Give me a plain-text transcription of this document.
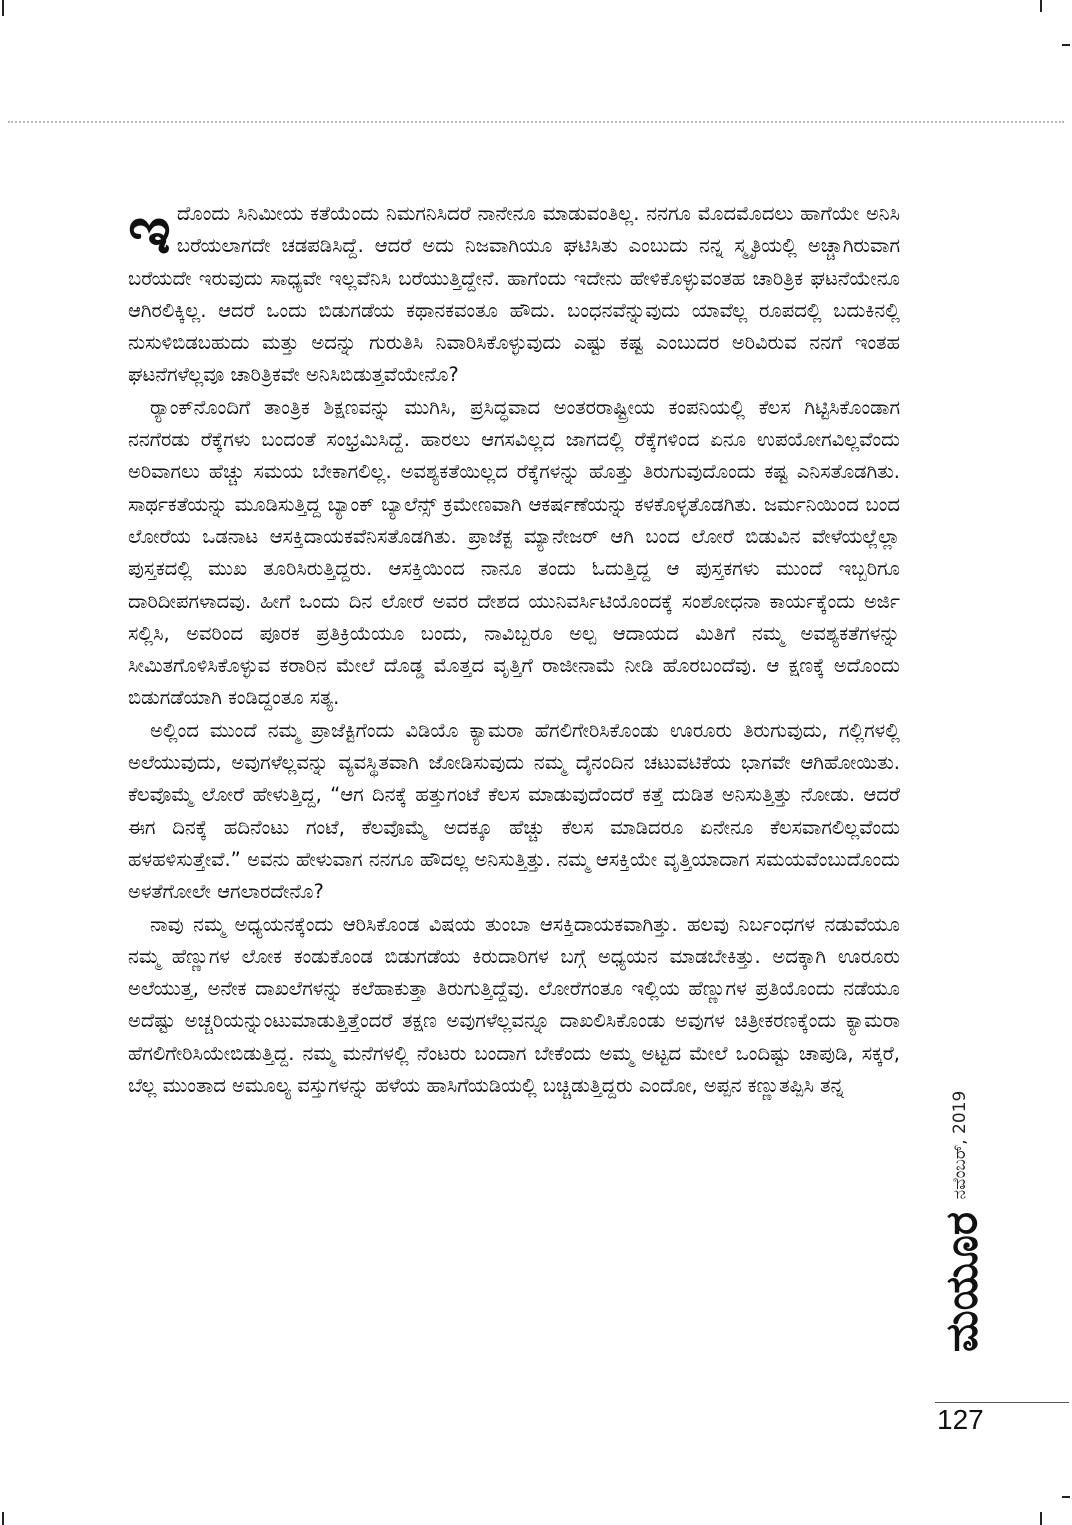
ಇದೊಂದು ಸಿನಿಮೀಯ ಕತೆಯೆಂದು ನಿಮಗನಿಸಿದರೆ ನಾನೇನೂ ಮಾಡುವಂತಿಲ್ಲ. ನನಗೂ ಮೊದಮೊದಲು ಹಾಗೆಯೇ ಅನಿಸಿ ಬರೆಯಲಾಗದೇ ಚಡಪಡಿಸಿದ್ದೆ. ಆದರೆ ಅದು ನಿಜವಾಗಿಯೂ ಘಟಿಸಿತು ಎಂಬುದು ನನ್ನ ಸ್ಮೃತಿಯಲ್ಲಿ ಅಚ್ಚಾಗಿರುವಾಗ ಬರೆಯದೇ ಇರುವುದು ಸಾಧ್ಯವೇ ಇಲ್ಲವೆನಿಸಿ ಬರೆಯುತ್ತಿದ್ದೇನೆ. ಹಾಗೆಂದು ಇದೇನು ಹೇಳಿಕೊಳ್ಳುವಂತಹ ಚಾರಿತ್ರಿಕ ಘಟನೆಯೇನೂ ಆಗಿರಲಿಕ್ಕಿಲ್ಲ. ಆದರೆ ಒಂದು ಬಿಡುಗಡೆಯ ಕಥಾನಕವಂತೂ ಹೌದು. ಬಂಧನವೆನ್ನುವುದು ಯಾವೆಲ್ಲ ರೂಪದಲ್ಲಿ ಬದುಕಿನಲ್ಲಿ ನುಸುಳಿಬಿಡಬಹುದು ಮತ್ತು ಅದನ್ನು ಗುರುತಿಸಿ ನಿವಾರಿಸಿಕೊಳ್ಳುವುದು ಎಷ್ಟು ಕಷ್ಟ ಎಂಬುದರ ಅರಿವಿರುವ ನನಗೆ ಇಂತಹ ಘಟನೆಗಳೆಲ್ಲವೂ ಚಾರಿತ್ರಿಕವೇ ಅನಿಸಿಬಿಡುತ್ತವೆಯೇನೊ?

ರ್‍ಯಾಂಕ್‌ನೊಂದಿಗೆ ತಾಂತ್ರಿಕ ಶಿಕ್ಷಣವನ್ನು ಮುಗಿಸಿ, ಪ್ರಸಿದ್ಧವಾದ ಅಂತರರಾಷ್ಟ್ರೀಯ ಕಂಪನಿಯಲ್ಲಿ ಕೆಲಸ ಗಿಟ್ಟಿಸಿಕೊಂಡಾಗ ನನಗೆರಡು ರೆಕ್ಕೆಗಳು ಬಂದಂತೆ ಸಂಭ್ರಮಿಸಿದ್ದೆ. ಹಾರಲು ಆಗಸವಿಲ್ಲದ ಜಾಗದಲ್ಲಿ ರೆಕ್ಕೆಗಳಿಂದ ಏನೂ ಉಪಯೋಗವಿಲ್ಲವೆಂದು ಅರಿವಾಗಲು ಹೆಚ್ಚು ಸಮಯ ಬೇಕಾಗಲಿಲ್ಲ. ಅವಶ್ಯಕತೆಯಿಲ್ಲದ ರೆಕ್ಕೆಗಳನ್ನು ಹೊತ್ತು ತಿರುಗುವುದೊಂದು ಕಷ್ಟ ಎನಿಸತೊಡಗಿತು. ಸಾರ್ಥಕತೆಯನ್ನು ಮೂಡಿಸುತ್ತಿದ್ದ ಬ್ಯಾಂಕ್ ಬ್ಯಾಲೆನ್ಸ್ ಕ್ರಮೇಣವಾಗಿ ಆಕರ್ಷಣೆಯನ್ನು ಕಳಕೊಳ್ಳತೊಡಗಿತು. ಜರ್ಮನಿಯಿಂದ ಬಂದ ಲೋರೆಯ ಒಡನಾಟ ಆಸಕ್ತಿದಾಯಕವೆನಿಸತೊಡಗಿತು. ಪ್ರಾಜೆಕ್ಟ ಮ್ಯಾನೇಜರ್ ಆಗಿ ಬಂದ ಲೋರೆ ಬಿಡುವಿನ ವೇಳೆಯಲ್ಲೆಲ್ಲಾ ಪುಸ್ತಕದಲ್ಲಿ ಮುಖ ತೂರಿಸಿರುತ್ತಿದ್ದರು. ಆಸಕ್ತಿಯಿಂದ ನಾನೂ ತಂದು ಓದುತ್ತಿದ್ದ ಆ ಪುಸ್ತಕಗಳು ಮುಂದೆ ಇಬ್ಬರಿಗೂ ದಾರಿದೀಪಗಳಾದವು. ಹೀಗೆ ಒಂದು ದಿನ ಲೋರೆ ಅವರ ದೇಶದ ಯುನಿವರ್ಸಿಟಿಯೊಂದಕ್ಕೆ ಸಂಶೋಧನಾ ಕಾರ್ಯಕ್ಕೆಂದು ಅರ್ಜಿ ಸಲ್ಲಿಸಿ, ಅವರಿಂದ ಪೂರಕ ಪ್ರತಿಕ್ರಿಯೆಯೂ ಬಂದು, ನಾವಿಬ್ಬರೂ ಅಲ್ಪ ಆದಾಯದ ಮಿತಿಗೆ ನಮ್ಮ ಅವಶ್ಯಕತೆಗಳನ್ನು ಸೀಮಿತಗೊಳಿಸಿಕೊಳ್ಳುವ ಕರಾರಿನ ಮೇಲೆ ದೊಡ್ಡ ಮೊತ್ತದ ವೃತ್ತಿಗೆ ರಾಜೀನಾಮೆ ನೀಡಿ ಹೊರಬಂದೆವು. ಆ ಕ್ಷಣಕ್ಕೆ ಅದೊಂದು ಬಿಡುಗಡೆಯಾಗಿ ಕಂಡಿದ್ದಂತೂ ಸತ್ಯ.

ಅಲ್ಲಿಂದ ಮುಂದೆ ನಮ್ಮ ಪ್ರಾಜೆಕ್ಟಿಗೆಂದು ವಿಡಿಯೊ ಕ್ಯಾಮರಾ ಹೆಗಲಿಗೇರಿಸಿಕೊಂಡು ಊರೂರು ತಿರುಗುವುದು, ಗಲ್ಲಿಗಳಲ್ಲಿ ಅಲೆಯುವುದು, ಅವುಗಳೆಲ್ಲವನ್ನು ವ್ಯವಸ್ಥಿತವಾಗಿ ಜೋಡಿಸುವುದು ನಮ್ಮ ದೈನಂದಿನ ಚಟುವಟಿಕೆಯ ಭಾಗವೇ ಆಗಿಹೋಯಿತು. ಕೆಲವೊಮ್ಮೆ ಲೋರೆ ಹೇಳುತ್ತಿದ್ದ, “ಆಗ ದಿನಕ್ಕೆ ಹತ್ತುಗಂಟೆ ಕೆಲಸ ಮಾಡುವುದೆಂದರೆ ಕತ್ತೆ ದುಡಿತ ಅನಿಸುತ್ತಿತ್ತು ನೋಡು. ಆದರೆ ಈಗ ದಿನಕ್ಕೆ ಹದಿನೆಂಟು ಗಂಟೆ, ಕೆಲವೊಮ್ಮೆ ಅದಕ್ಕೂ ಹೆಚ್ಚು ಕೆಲಸ ಮಾಡಿದರೂ ಏನೇನೂ ಕೆಲಸವಾಗಲಿಲ್ಲವೆಂದು ಹಳಹಳಿಸುತ್ತೇವೆ.” ಅವನು ಹೇಳುವಾಗ ನನಗೂ ಹೌದಲ್ಲ ಅನಿಸುತ್ತಿತ್ತು. ನಮ್ಮ ಆಸಕ್ತಿಯೇ ವೃತ್ತಿಯಾದಾಗ ಸಮಯವೆಂಬುದೊಂದು ಅಳತೆಗೋಲೇ ಆಗಲಾರದೇನೊ?

ನಾವು ನಮ್ಮ ಅಧ್ಯಯನಕ್ಕೆಂದು ಆರಿಸಿಕೊಂಡ ವಿಷಯ ತುಂಬಾ ಆಸಕ್ತಿದಾಯಕವಾಗಿತ್ತು. ಹಲವು ನಿರ್ಬಂಧಗಳ ನಡುವೆಯೂ ನಮ್ಮ ಹೆಣ್ಣುಗಳ ಲೋಕ ಕಂಡುಕೊಂಡ ಬಿಡುಗಡೆಯ ಕಿರುದಾರಿಗಳ ಬಗ್ಗೆ ಅಧ್ಯಯನ ಮಾಡಬೇಕಿತ್ತು. ಅದಕ್ಕಾಗಿ ಊರೂರು ಅಲೆಯುತ್ತ, ಅನೇಕ ದಾಖಲೆಗಳನ್ನು ಕಲೆಹಾಕುತ್ತಾ ತಿರುಗುತ್ತಿದ್ದೆವು. ಲೋರೆಗಂತೂ ಇಲ್ಲಿಯ ಹೆಣ್ಣುಗಳ ಪ್ರತಿಯೊಂದು ನಡೆಯೂ ಅದೆಷ್ಟು ಅಚ್ಚರಿಯನ್ನುಂಟುಮಾಡುತ್ತಿತ್ತೆಂದರೆ ತಕ್ಷಣ ಅವುಗಳೆಲ್ಲವನ್ನೂ ದಾಖಲಿಸಿಕೊಂಡು ಅವುಗಳ ಚಿತ್ರೀಕರಣಕ್ಕೆಂದು ಕ್ಯಾಮರಾ ಹೆಗಲಿಗೇರಿಸಿಯೇಬಿಡುತ್ತಿದ್ದ. ನಮ್ಮ ಮನೆಗಳಲ್ಲಿ ನೆಂಟರು ಬಂದಾಗ ಬೇಕೆಂದು ಅಮ್ಮ ಅಟ್ಟದ ಮೇಲೆ ಒಂದಿಷ್ಟು ಚಾಪುಡಿ, ಸಕ್ಕರೆ, ಬೆಲ್ಲ ಮುಂತಾದ ಅಮೂಲ್ಯ ವಸ್ತುಗಳನ್ನು ಹಳೆಯ ಹಾಸಿಗೆಯಡಿಯಲ್ಲಿ ಬಚ್ಚಿಡುತ್ತಿದ್ದರು ಎಂದೋ, ಅಪ್ಪನ ಕಣ್ಣುತಪ್ಪಿಸಿ ತನ್ನ

ನವೆಂಬರ್, 2019
ಮಯೂರ
127
